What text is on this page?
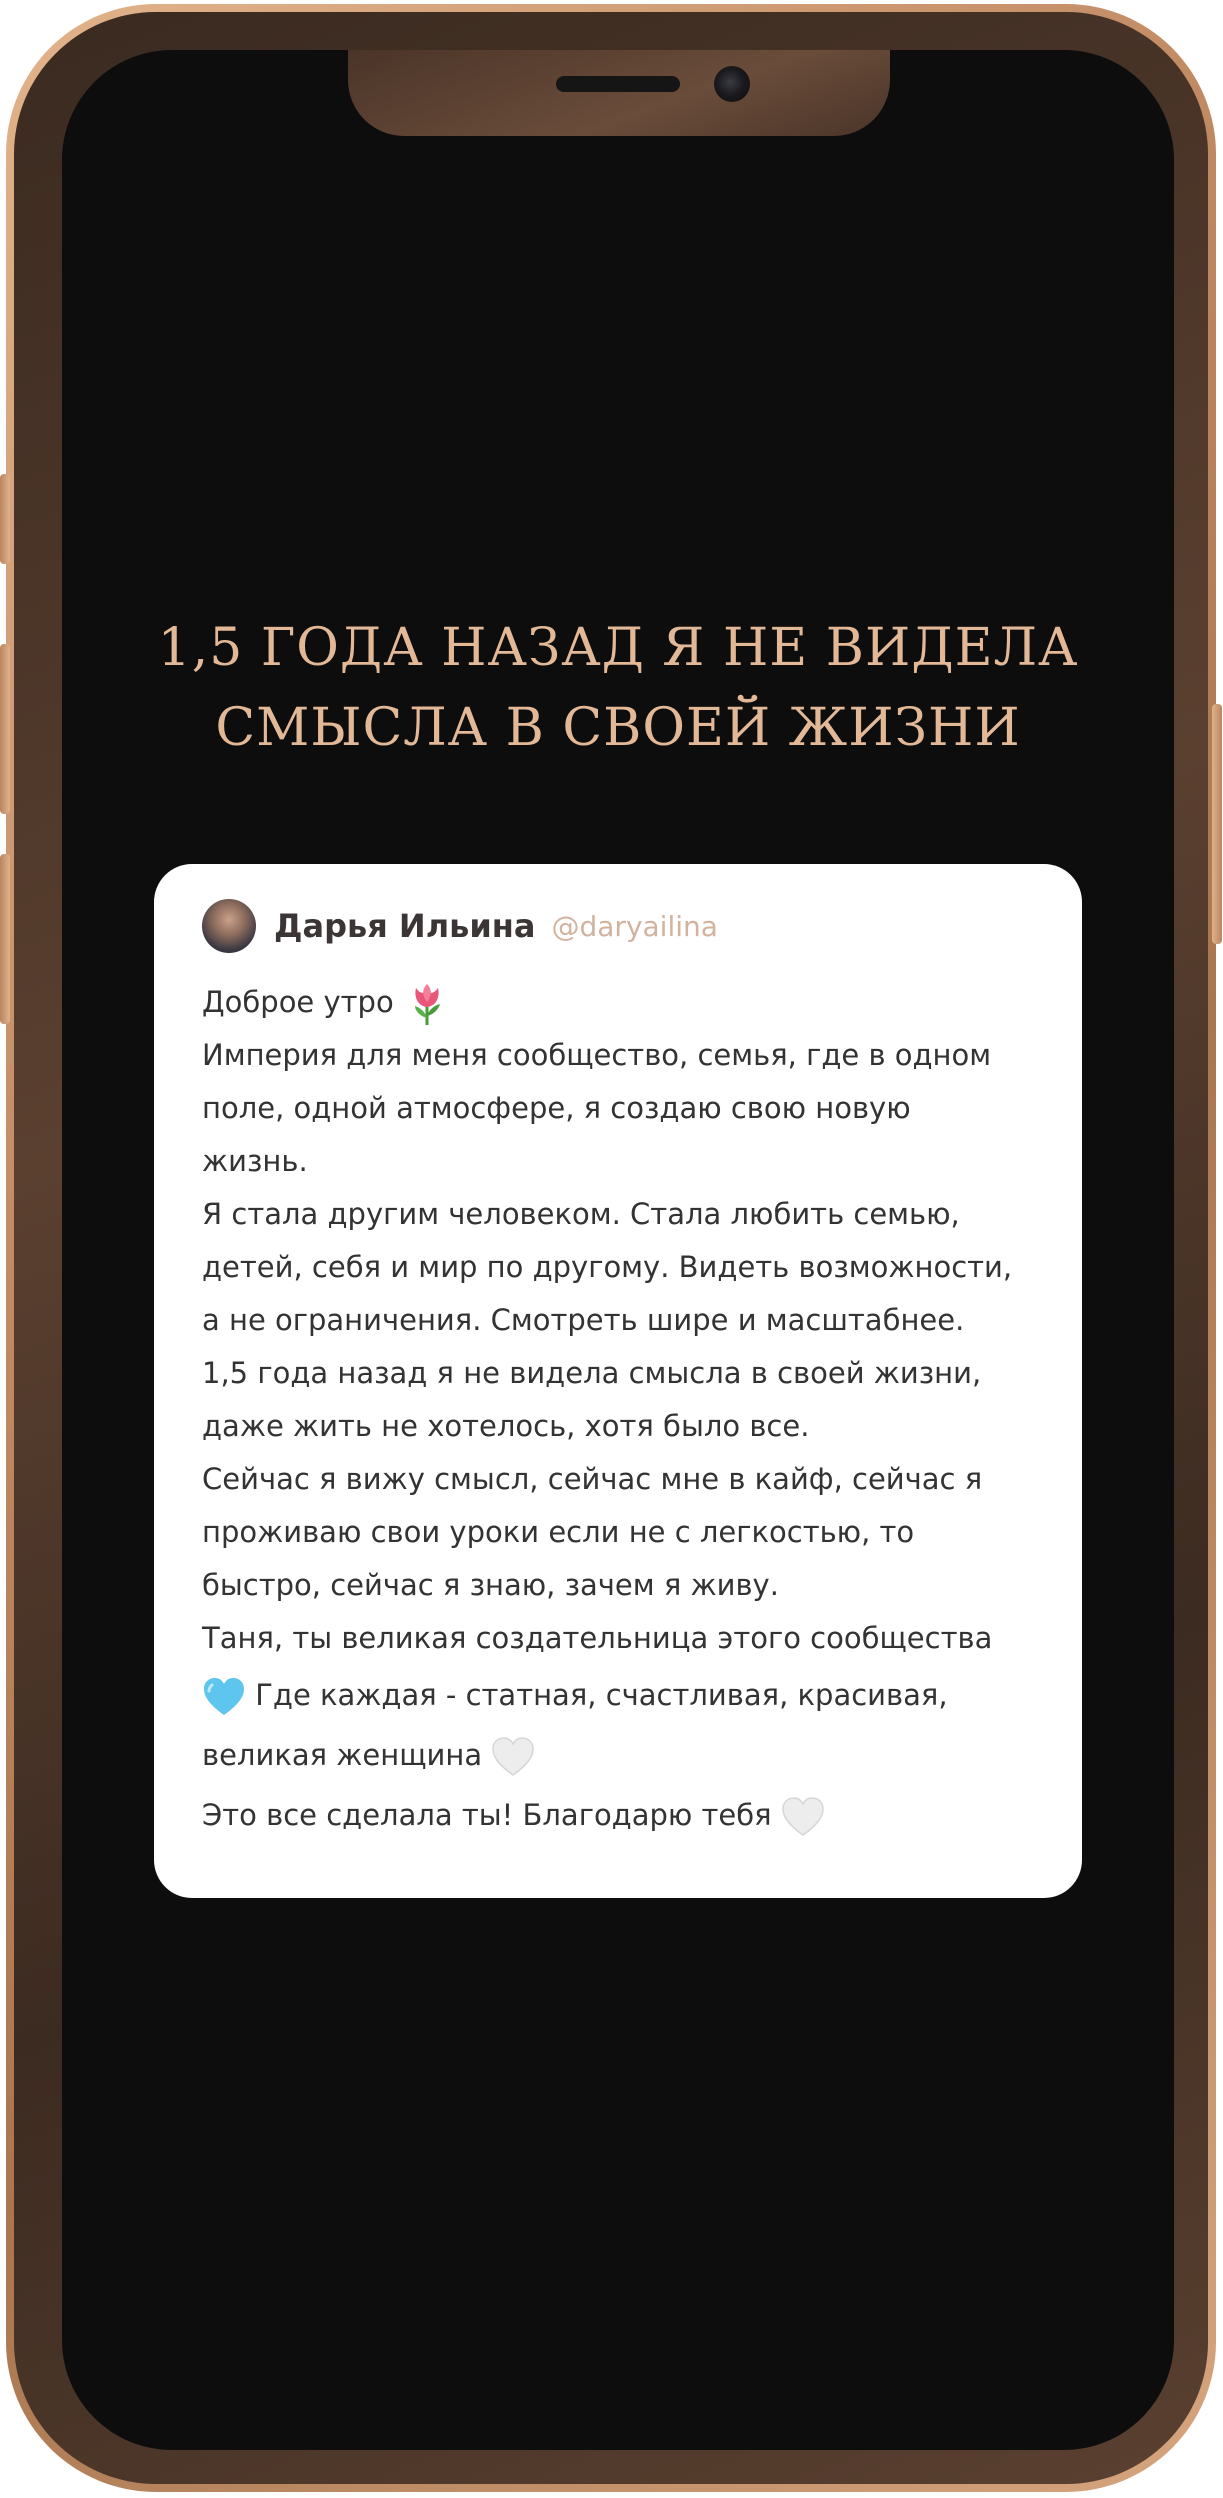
1,5 ГОДА НАЗАД Я НЕ ВИДЕЛА
СМЫСЛА В СВОЕЙ ЖИЗНИ
Дарья Ильина @daryailina
Доброе утро
Империя для меня сообщество, семья, где в одном
поле, одной атмосфере, я создаю свою новую
жизнь.
Я стала другим человеком. Стала любить семью,
детей, себя и мир по другому. Видеть возможности,
а не ограничения. Смотреть шире и масштабнее.
1,5 года назад я не видела смысла в своей жизни,
даже жить не хотелось, хотя было все.
Сейчас я вижу смысл, сейчас мне в кайф, сейчас я
проживаю свои уроки если не с легкостью, то
быстро, сейчас я знаю, зачем я живу.
Таня, ты великая создательница этого сообщества
Где каждая - статная, счастливая, красивая,
великая женщина
Это все сделала ты! Благодарю тебя
